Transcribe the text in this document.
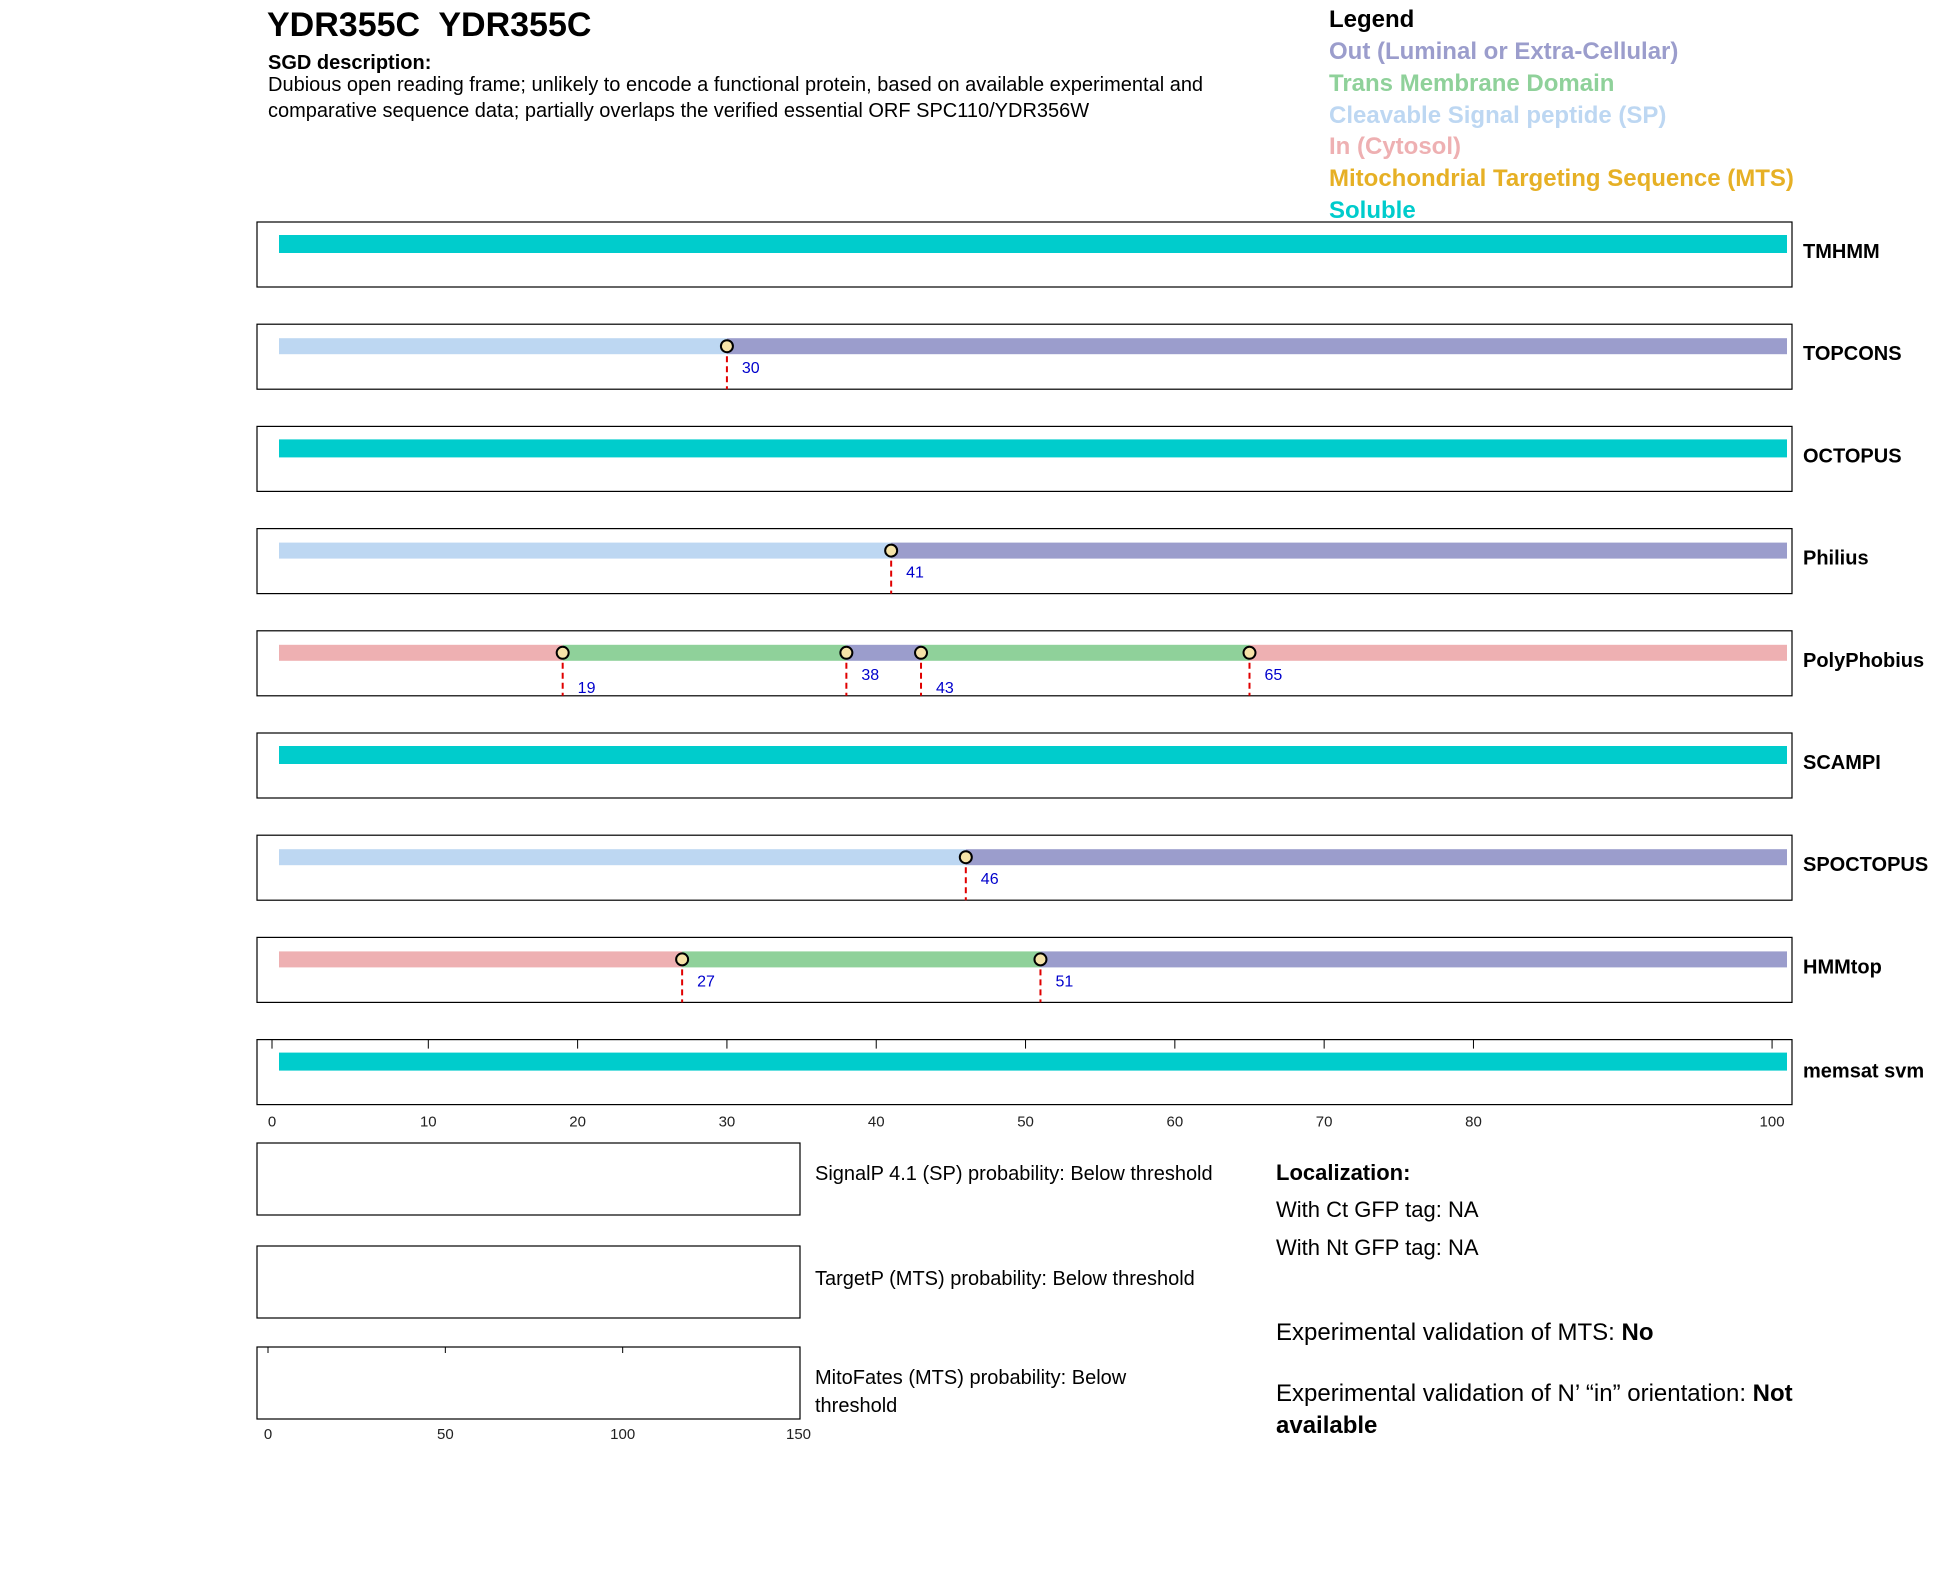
YDR355C  YDR355C
SGD description:
Dubious open reading frame; unlikely to encode a functional protein, based on available experimental and comparative sequence data; partially overlaps the verified essential ORF SPC110/YDR356W
Legend
Out (Luminal or Extra-Cellular)
Trans Membrane Domain
Cleavable Signal peptide (SP)
In (Cytosol)
Mitochondrial Targeting Sequence (MTS)
Soluble
TMHMM
30
TOPCONS
OCTOPUS
41
Philius
19
38
43
65
PolyPhobius
SCAMPI
46
SPOCTOPUS
27	51
HMMtop
memsat svm
0	10	20	30	40	50	60	70	80	100
0	50	100	150
SignalP 4.1 (SP) probability: Below threshold
TargetP (MTS) probability: Below threshold
MitoFates (MTS) probability: Below threshold
Localization:
With Ct GFP tag: NA
With Nt GFP tag: NA
Experimental validation of MTS: No
Experimental validation of N’ “in” orientation: Not available
